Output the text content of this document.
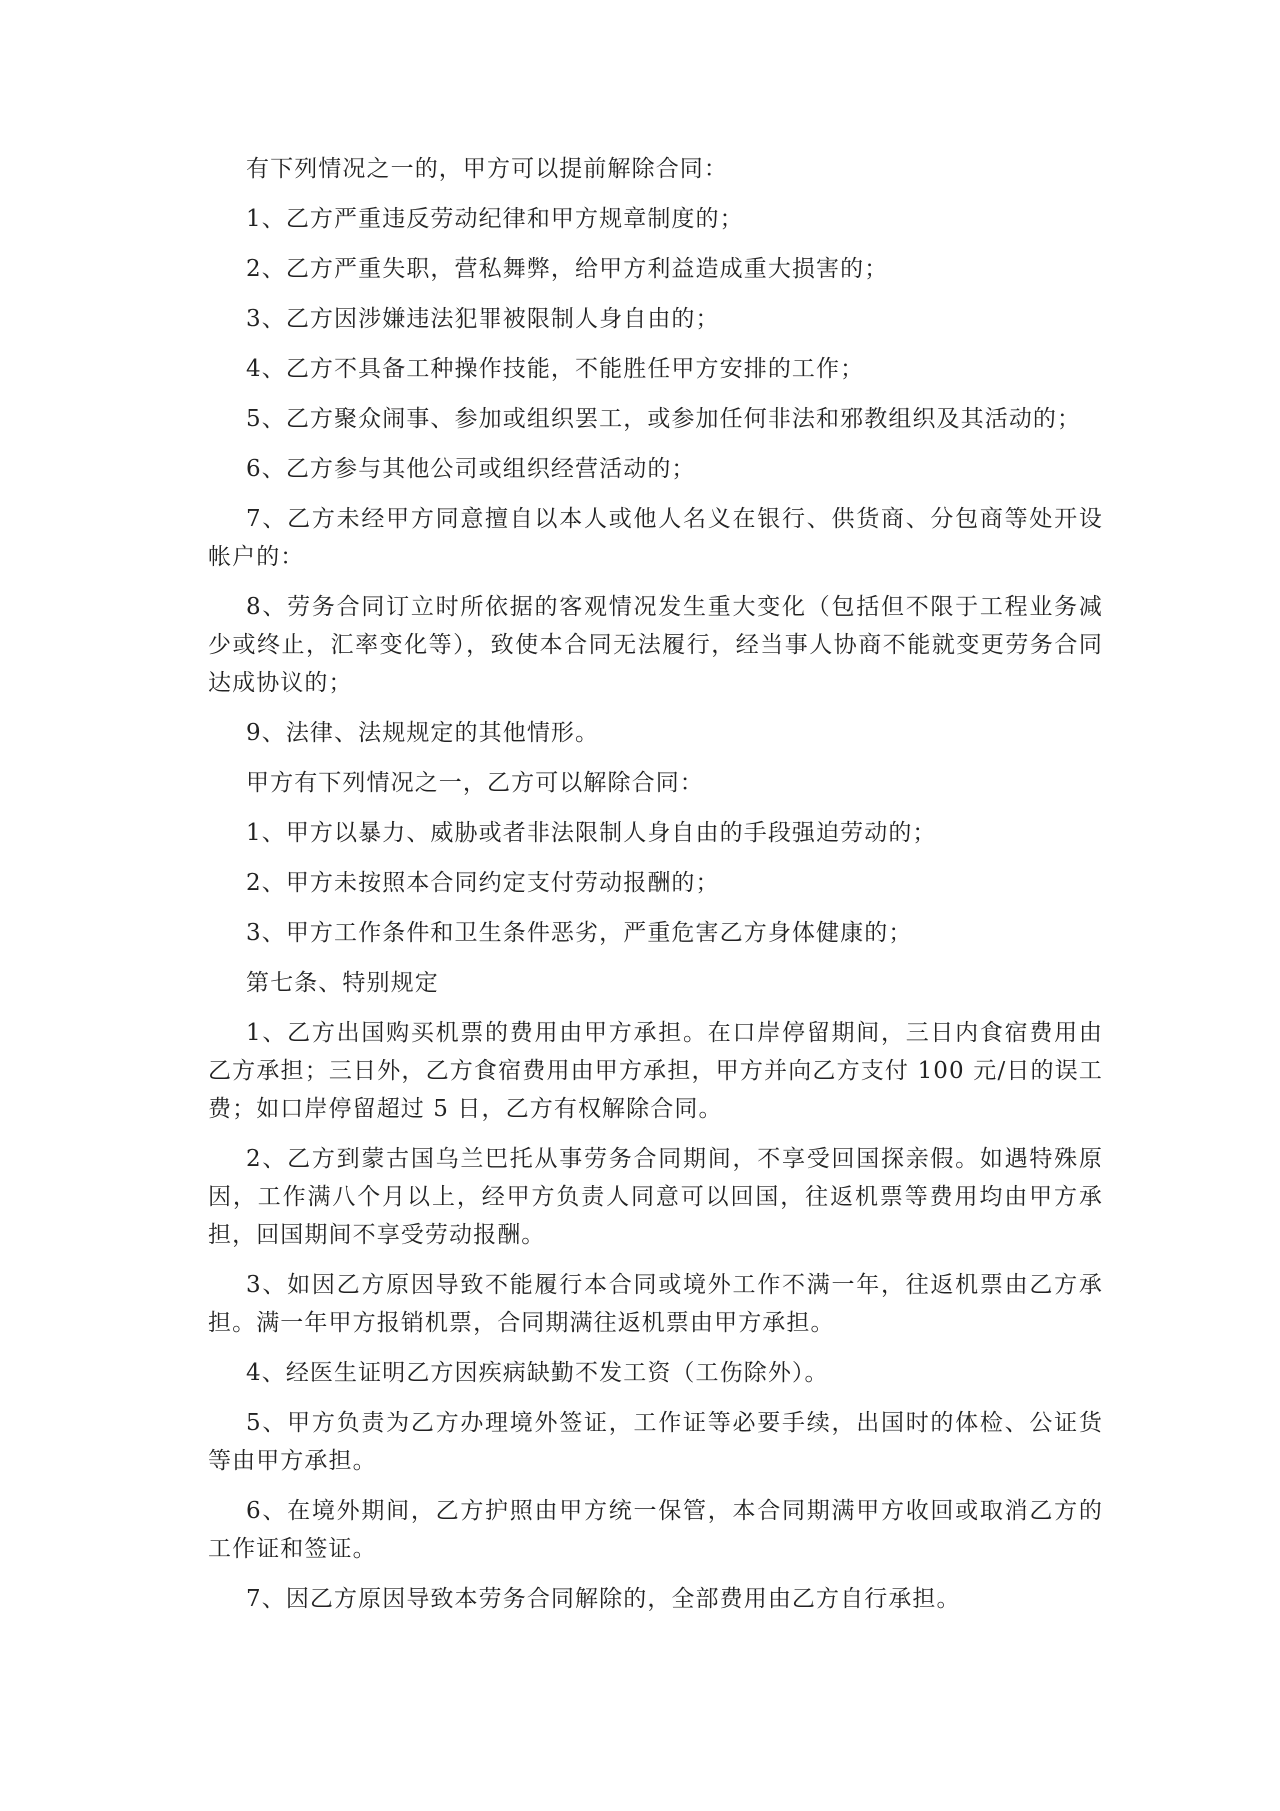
有下列情况之一的，甲方可以提前解除合同：

1、乙方严重违反劳动纪律和甲方规章制度的；

2、乙方严重失职，营私舞弊，给甲方利益造成重大损害的；

3、乙方因涉嫌违法犯罪被限制人身自由的；

4、乙方不具备工种操作技能，不能胜任甲方安排的工作；

5、乙方聚众闹事、参加或组织罢工，或参加任何非法和邪教组织及其活动的；

6、乙方参与其他公司或组织经营活动的；

7、乙方未经甲方同意擅自以本人或他人名义在银行、供货商、分包商等处开设帐户的：

8、劳务合同订立时所依据的客观情况发生重大变化（包括但不限于工程业务减少或终止，汇率变化等），致使本合同无法履行，经当事人协商不能就变更劳务合同达成协议的；

9、法律、法规规定的其他情形。

甲方有下列情况之一，乙方可以解除合同：

1、甲方以暴力、威胁或者非法限制人身自由的手段强迫劳动的；

2、甲方未按照本合同约定支付劳动报酬的；

3、甲方工作条件和卫生条件恶劣，严重危害乙方身体健康的；

第七条、特别规定

1、乙方出国购买机票的费用由甲方承担。在口岸停留期间，三日内食宿费用由乙方承担；三日外，乙方食宿费用由甲方承担，甲方并向乙方支付 100 元/日的误工费；如口岸停留超过 5 日，乙方有权解除合同。

2、乙方到蒙古国乌兰巴托从事劳务合同期间，不享受回国探亲假。如遇特殊原因，工作满八个月以上，经甲方负责人同意可以回国，往返机票等费用均由甲方承担，回国期间不享受劳动报酬。

3、如因乙方原因导致不能履行本合同或境外工作不满一年，往返机票由乙方承担。满一年甲方报销机票，合同期满往返机票由甲方承担。

4、经医生证明乙方因疾病缺勤不发工资（工伤除外）。

5、甲方负责为乙方办理境外签证，工作证等必要手续，出国时的体检、公证货等由甲方承担。

6、在境外期间，乙方护照由甲方统一保管，本合同期满甲方收回或取消乙方的工作证和签证。

7、因乙方原因导致本劳务合同解除的，全部费用由乙方自行承担。
